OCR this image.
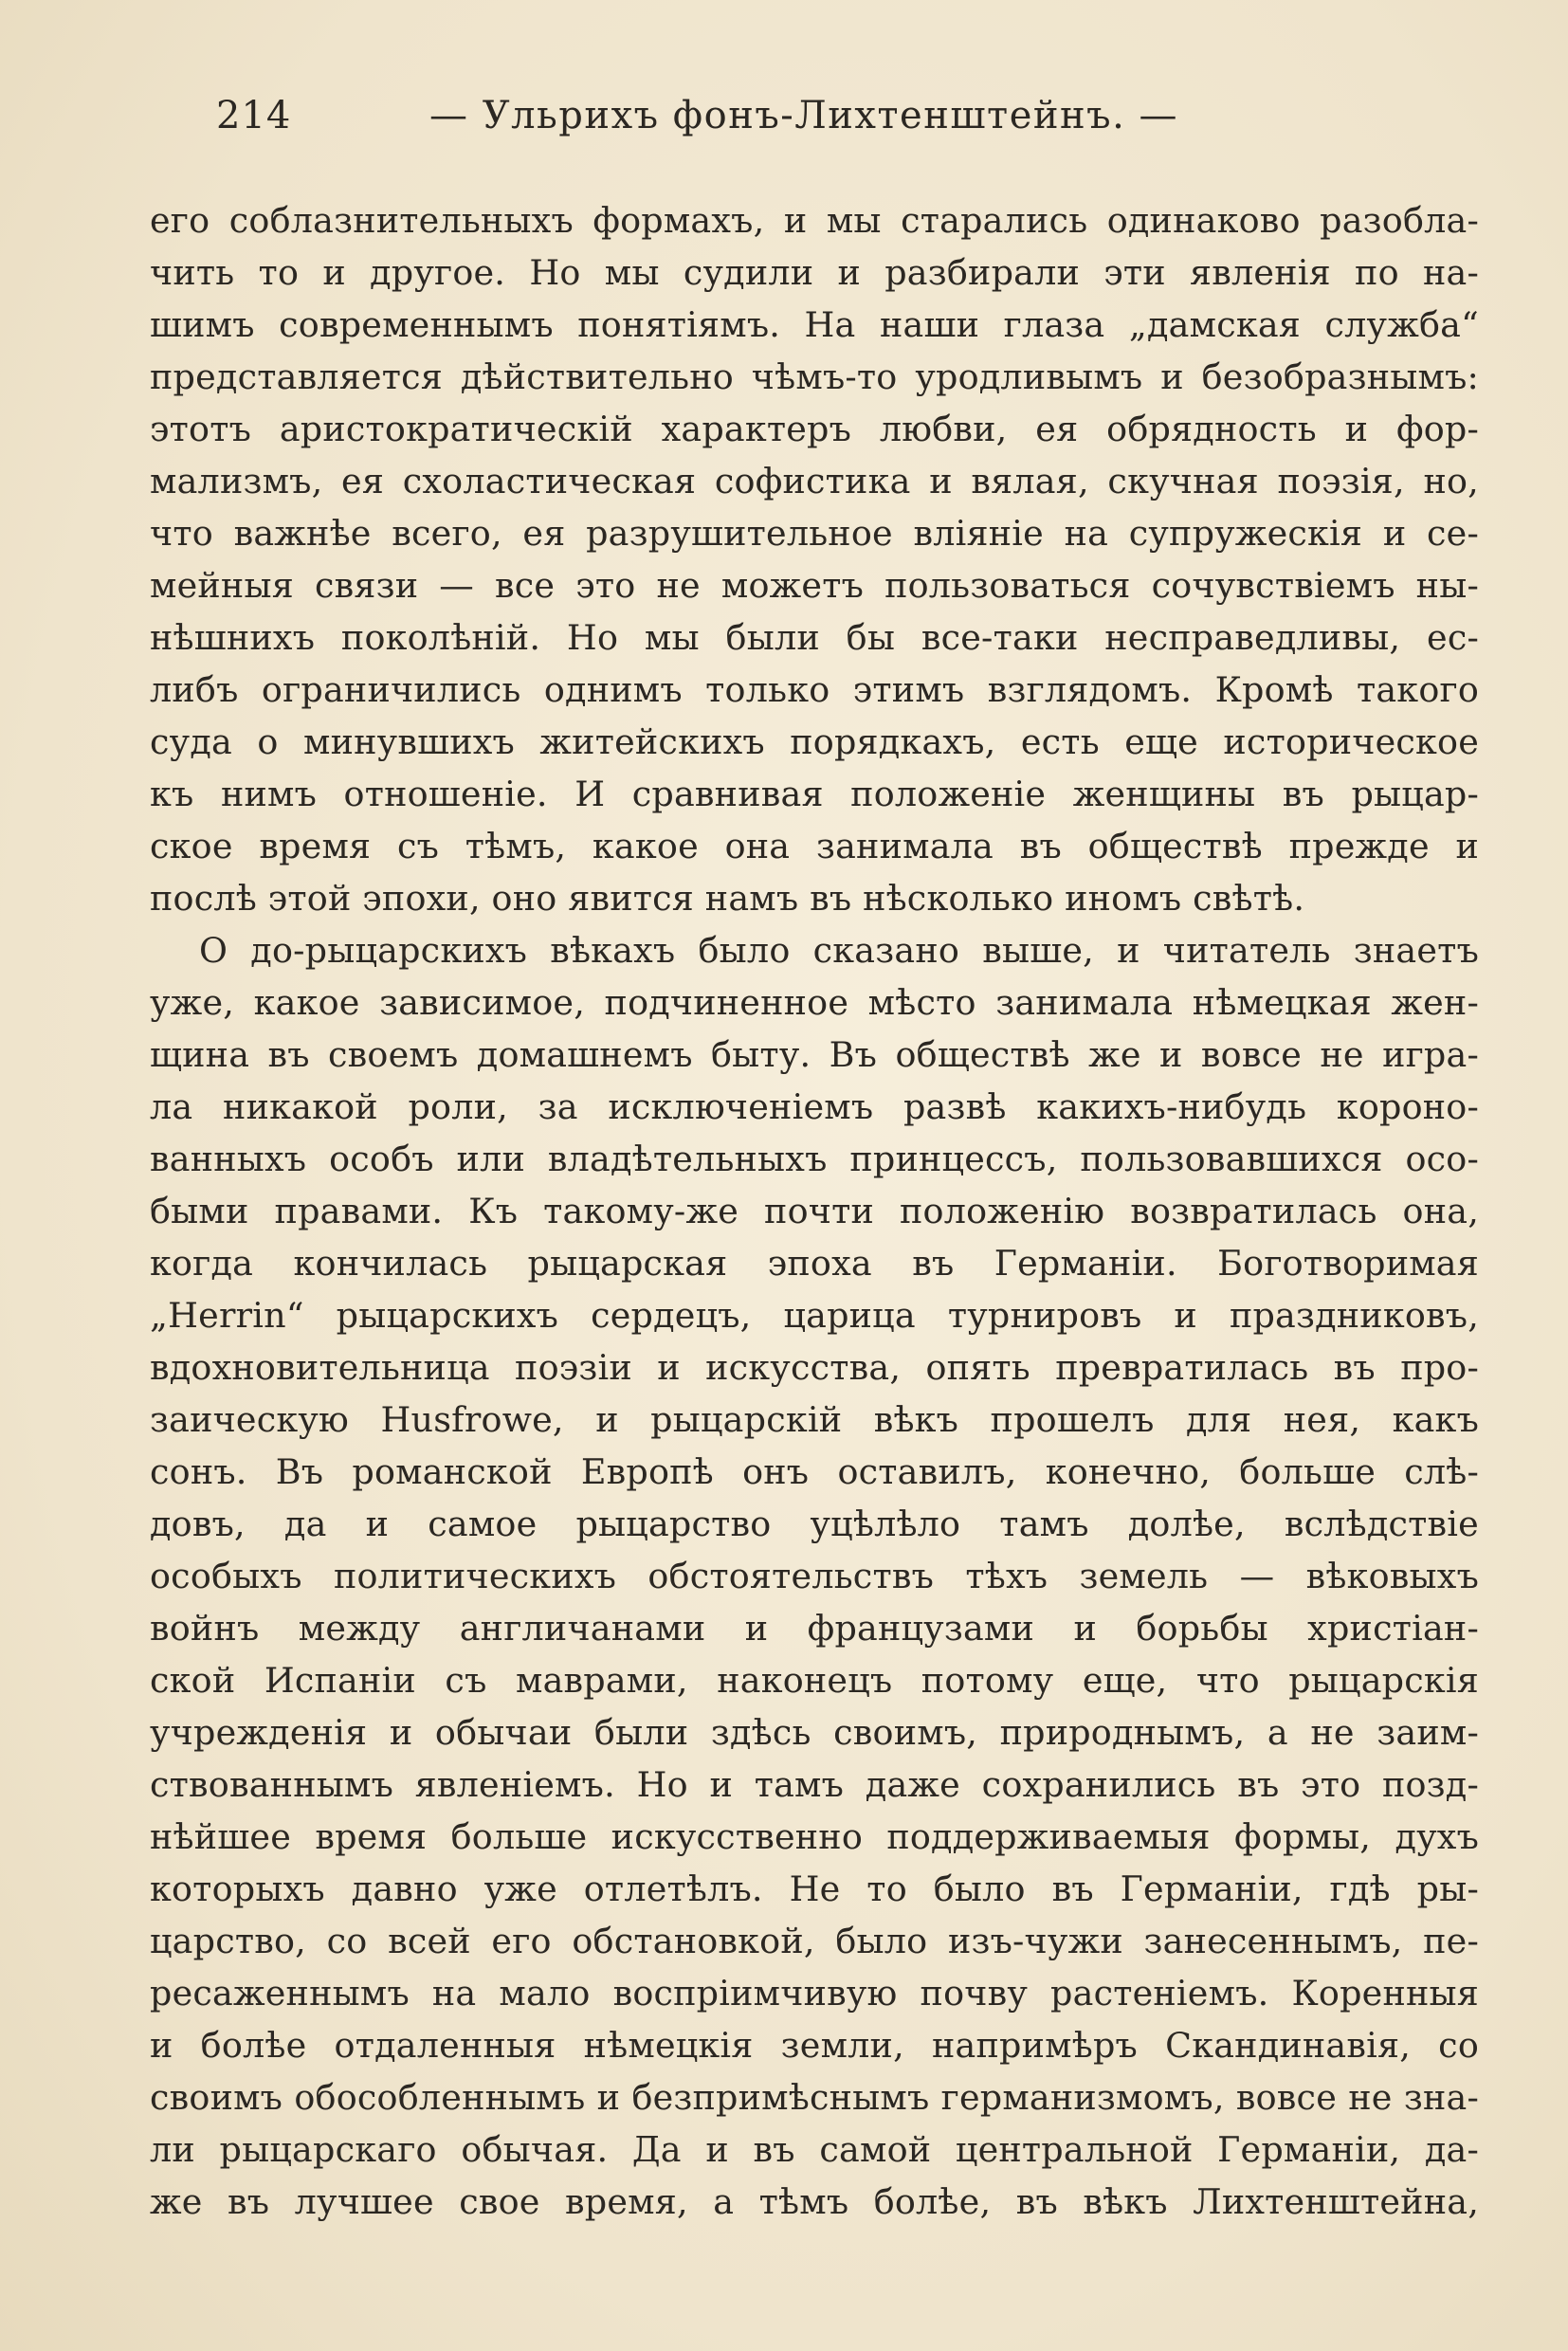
214	— Ульрихъ фонъ-Лихтенштейнъ. —
его соблазнительныхъ формахъ, и мы старались одинаково разобла-
чить то и другое. Но мы судили и разбирали эти явленія по на-
шимъ современнымъ понятіямъ. На наши глаза „дамская служба“
представляется дѣйствительно чѣмъ-то уродливымъ и безобразнымъ:
этотъ аристократическій характеръ любви, ея обрядность и фор-
мализмъ, ея схоластическая софистика и вялая, скучная поэзія, но,
что важнѣе всего, ея разрушительное вліяніе на супружескія и се-
мейныя связи — все это не можетъ пользоваться сочувствіемъ ны-
нѣшнихъ поколѣній. Но мы были бы все-таки несправедливы, ес-
либъ ограничились однимъ только этимъ взглядомъ. Кромѣ такого
суда о минувшихъ житейскихъ порядкахъ, есть еще историческое
къ нимъ отношеніе. И сравнивая положеніе женщины въ рыцар-
ское время съ тѣмъ, какое она занимала въ обществѣ прежде и
послѣ этой эпохи, оно явится намъ въ нѣсколько иномъ свѣтѣ.
О до-рыцарскихъ вѣкахъ было сказано выше, и читатель знаетъ
уже, какое зависимое, подчиненное мѣсто занимала нѣмецкая жен-
щина въ своемъ домашнемъ быту. Въ обществѣ же и вовсе не игра-
ла никакой роли, за исключеніемъ развѣ какихъ-нибудь короно-
ванныхъ особъ или владѣтельныхъ принцессъ, пользовавшихся осо-
быми правами. Къ такому-же почти положенію возвратилась она,
когда кончилась рыцарская эпоха въ Германіи. Боготворимая
„Herrin“ рыцарскихъ сердецъ, царица турнировъ и праздниковъ,
вдохновительница поэзіи и искусства, опять превратилась въ про-
заическую Husfrowe, и рыцарскій вѣкъ прошелъ для нея, какъ
сонъ. Въ романской Европѣ онъ оставилъ, конечно, больше слѣ-
довъ, да и самое рыцарство уцѣлѣло тамъ долѣе, вслѣдствіе
особыхъ политическихъ обстоятельствъ тѣхъ земель — вѣковыхъ
войнъ между англичанами и французами и борьбы христіан-
ской Испаніи съ маврами, наконецъ потому еще, что рыцарскія
учрежденія и обычаи были здѣсь своимъ, природнымъ, а не заим-
ствованнымъ явленіемъ. Но и тамъ даже сохранились въ это позд-
нѣйшее время больше искусственно поддерживаемыя формы, духъ
которыхъ давно уже отлетѣлъ. Не то было въ Германіи, гдѣ ры-
царство, со всей его обстановкой, было изъ-чужи занесеннымъ, пе-
ресаженнымъ на мало воспріимчивую почву растеніемъ. Коренныя
и болѣе отдаленныя нѣмецкія земли, напримѣръ Скандинавія, со
своимъ обособленнымъ и безпримѣснымъ германизмомъ, вовсе не зна-
ли рыцарскаго обычая. Да и въ самой центральной Германіи, да-
же въ лучшее свое время, а тѣмъ болѣе, въ вѣкъ Лихтенштейна,
